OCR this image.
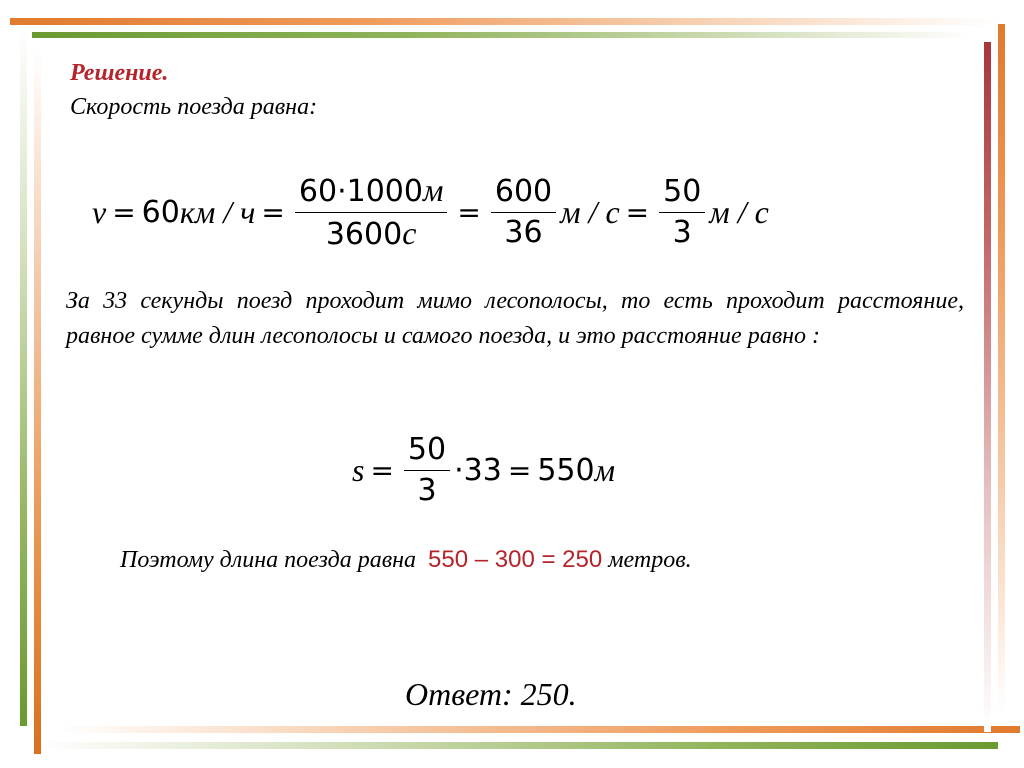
Решение.
Скорость поезда равна:
v = 60 км / $ч = \frac{60\cdot 1000м}{3600с} = \frac{600}{36}$ $м / с = \frac{50}{3}$ м / с
За 33 секунды поезд проходит мимо лесополосы, то есть проходит расстояние, равное сумме длин лесополосы и самого поезда, и это расстояние равно :
$s = \frac{50}{3} \cdot 33 = 550$ м
Поэтому длина поезда равна 550 – 300 = 250 метров.
Ответ: 250.
